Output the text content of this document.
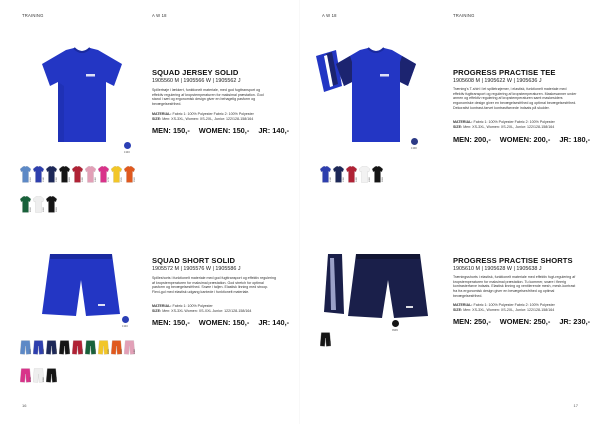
TRAINING	A W 18
1346
SQUAD JERSEY SOLID
1905560 M | 1905566 W | 1905562 J
Spillertrøje i lækkert, funktionelt materiale, med god fugttransport og effektiv regulering af kropstemperaturen for maksimal præstation. God stand i sæt og ergonomisk design giver en behagelig pasform og bevægelsesfrihed.
MATERIAL: Fabric 1: 100% Polyester Fabric 2: 100% Polyester
SIZE: Men: XS-3XL, Women: XS-2XL, Junior: 122/128-158/164
MEN: 150,- WOMEN: 150,- JR: 140,-
1010	1346	1390	9999	1430	1400	1730	2505	5560
6600	1900	9999
1346
SQUAD SHORT SOLID
1905572 M | 1905576 W | 1905586 J
Spilleshorts i funktionelt materiale med god fugttransport og effektiv regulering af kropstemperaturen for maksimal præstation. God stretch for optimal pasform og bevægelsesfrihed. Snøre i taljen. Elastisk linning med stroop. Flexi-gul med elastisk udgang kantede i funktionelt materiale.
MATERIAL: Fabric 1: 100% Polyester
SIZE: Men: XS-3XL Women: XS-XXL Junior: 122/128-158/164
MEN: 150,- WOMEN: 150,- JR: 140,-
1010	1346	1390	9999	1430	6600	2505	5560	1400
1730	1900	9999
16
A W 18	TRAINING
1390
PROGRESS PRACTISE TEE
1905608 M | 1905622 W | 1905636 J
Træning's T-shirt i let spilletrøjemer, i elastisk, funktionelt materiale med effektiv fugttransport og regulering af kropstemperaturen. Maskesanner under armen og effektiv regulering af kropstemperaturen samt maskesiders ergonomiske design giver en bevægelsesfrihed og optimal bevægelsesfrihed. Dekorativt kontrast-farvet kontrastfarvede indsats på skulder.
MATERIAL: Fabric 1: 100% Polyester Fabric 2: 100% Polyester
SIZE: Men: XS-3XL, Women: XS-2XL, Junior: 122/128-158/164
MEN: 200,- WOMEN: 200,- JR: 180,-
1346	1390	1430	1900	9999
9999
PROGRESS PRACTISE SHORTS
1905610 M | 1905628 W | 1905638 J
Træningsshorts i elastisk, funktionelt materiale med effektiv fugt-regulering af kropstemperaturen for maksimal præstation. Tu kommer, snøre i fleerig kontrasterfarve indsats. Elastisk linning og ventilerende mesh, mesh-kontrast fra fra ergonomisk design giver en bevægelsesfrihed og optimal bevægelsesfrihed.
MATERIAL: Fabric 1: 100% Polyester Fabric 2: 100% Polyester
SIZE: Men: XS-3XL, Women: XS-2XL, Junior: 122/128-158/164
MEN: 250,- WOMEN: 250,- JR: 230,-
9999
17
